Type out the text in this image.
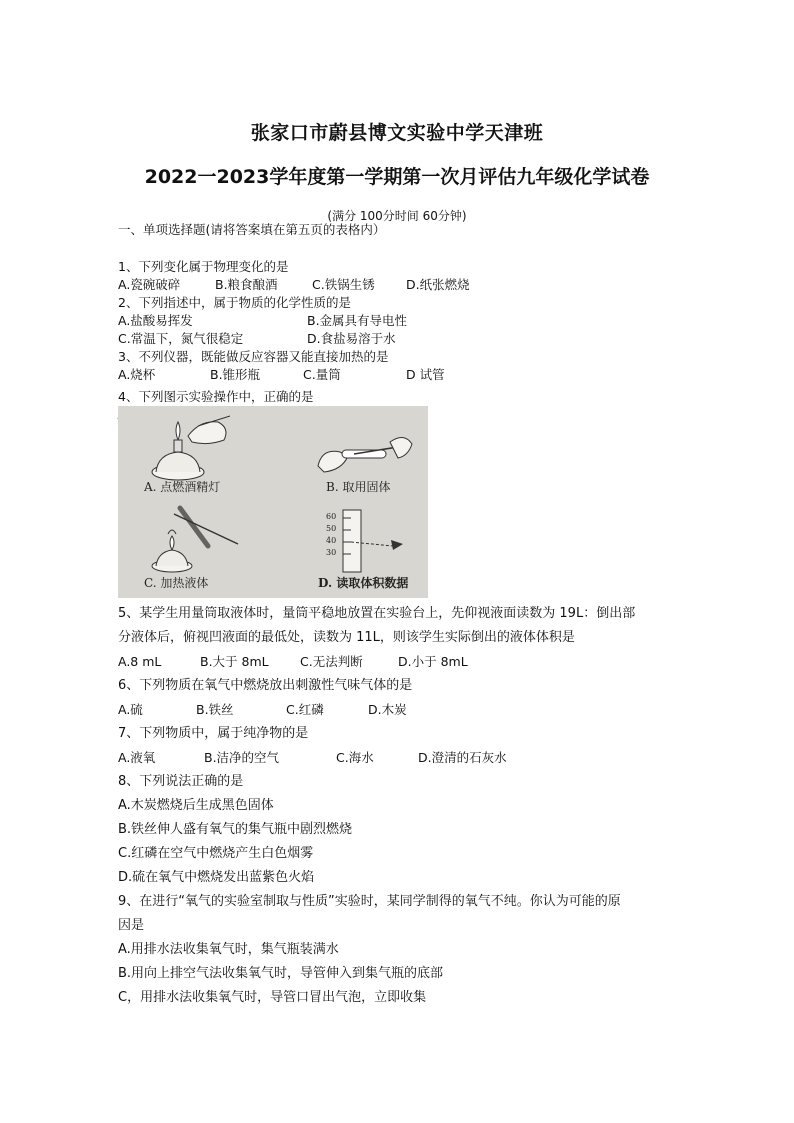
张家口市蔚县博文实验中学天津班
2022一2023学年度第一学期第一次月评估九年级化学试卷
(满分 100分时间 60分钟)
一、单项选择题(请将答案填在第五页的表格内）
1、下列变化属于物理变化的是
A.瓷碗破碎	B.粮食酿酒	C.铁锅生锈	D.纸张燃烧
2、下列指述中，属于物质的化学性质的是
A.盐酸易挥发	B.金属具有导电性
C.常温下，氮气很稳定	D.食盐易溶于水
3、不列仪器，既能做反应容器又能直接加热的是
A.烧杯	B.锥形瓶	C.量筒	D 试管
4、下列图示实验操作中，正确的是
A. 点燃酒精灯	B. 取用固体
C. 加热液体
60
50
40
30
D. 读取体积数据
5、某学生用量筒取液体时，量筒平稳地放置在实验台上，先仰视液面读数为 19L：倒出部
分液体后，俯视凹液面的最低处，读数为 11L，则该学生实际倒出的液体体积是
A.8 mL	B.大于 8mL	C.无法判断	D.小于 8mL
6、下列物质在氧气中燃烧放出刺激性气味气体的是
A.硫	B.铁丝	C.红磷	D.木炭
7、下列物质中，属于纯净物的是
A.液氧	B.洁净的空气	C.海水	D.澄清的石灰水
8、下列说法正确的是
A.木炭燃烧后生成黑色固体
B.铁丝伸人盛有氧气的集气瓶中剧烈燃烧
C.红磷在空气中燃烧产生白色烟雾
D.硫在氧气中燃烧发出蓝紫色火焰
9、在进行“氧气的实验室制取与性质”实验时，某同学制得的氧气不纯。你认为可能的原
因是
A.用排水法收集氧气时，集气瓶装满水
B.用向上排空气法收集氧气时，导管伸入到集气瓶的底部
C，用排水法收集氧气时，导管口冒出气泡，立即收集
